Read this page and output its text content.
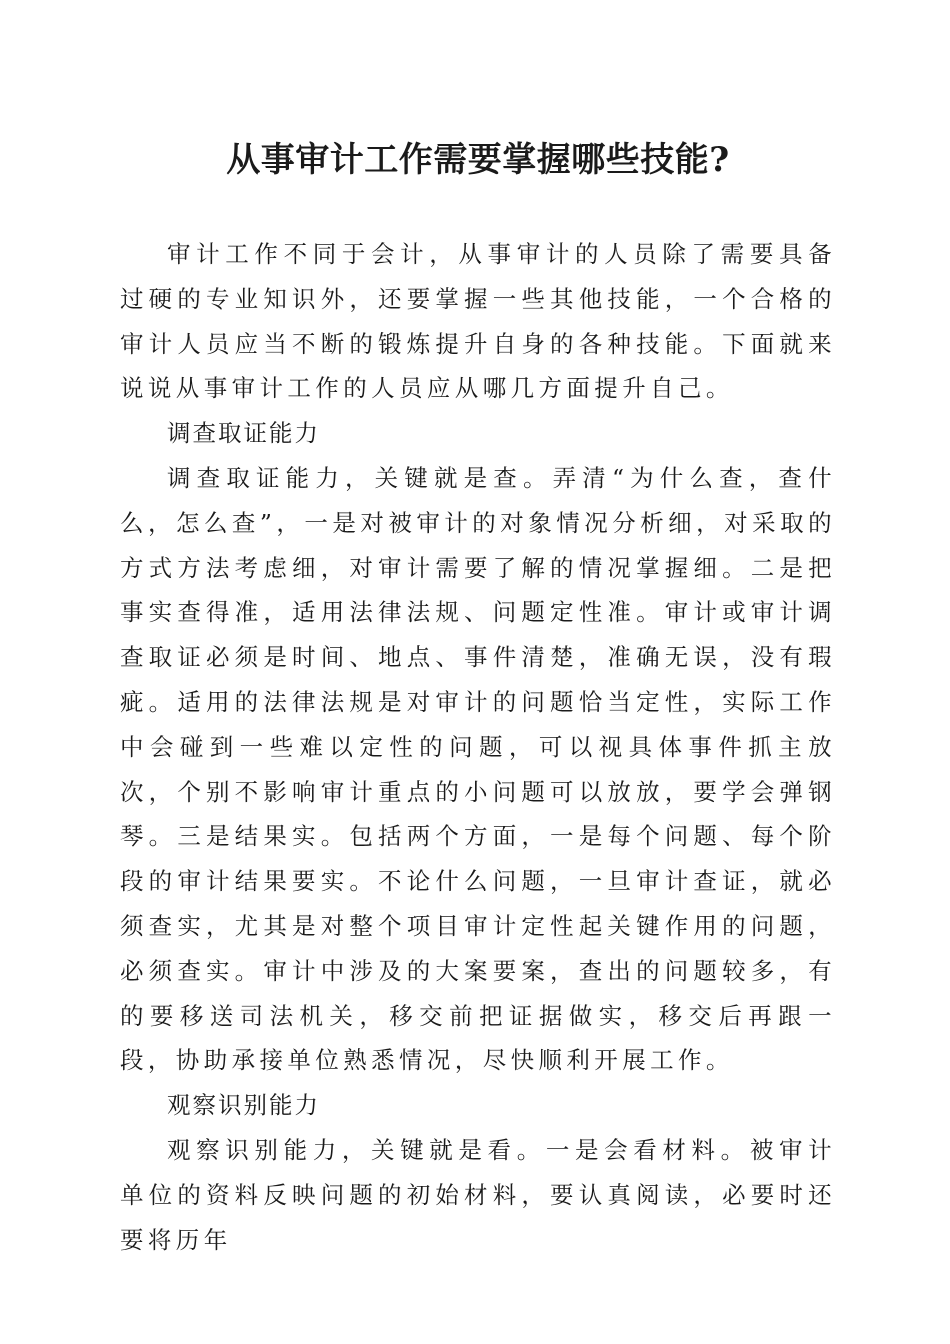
从事审计工作需要掌握哪些技能?

审计工作不同于会计，从事审计的人员除了需要具备过硬的专业知识外，还要掌握一些其他技能，一个合格的审计人员应当不断的锻炼提升自身的各种技能。下面就来说说从事审计工作的人员应从哪几方面提升自己。

调查取证能力

调查取证能力，关键就是查。弄清“为什么查，查什么，怎么查”，一是对被审计的对象情况分析细，对采取的方式方法考虑细，对审计需要了解的情况掌握细。二是把事实查得准，适用法律法规、问题定性准。审计或审计调查取证必须是时间、地点、事件清楚，准确无误，没有瑕疵。适用的法律法规是对审计的问题恰当定性，实际工作中会碰到一些难以定性的问题，可以视具体事件抓主放次，个别不影响审计重点的小问题可以放放，要学会弹钢琴。三是结果实。包括两个方面，一是每个问题、每个阶段的审计结果要实。不论什么问题，一旦审计查证，就必须查实，尤其是对整个项目审计定性起关键作用的问题，必须查实。审计中涉及的大案要案，查出的问题较多，有的要移送司法机关，移交前把证据做实，移交后再跟一段，协助承接单位熟悉情况，尽快顺利开展工作。

观察识别能力

观察识别能力，关键就是看。一是会看材料。被审计单位的资料反映问题的初始材料，要认真阅读，必要时还要将历年
